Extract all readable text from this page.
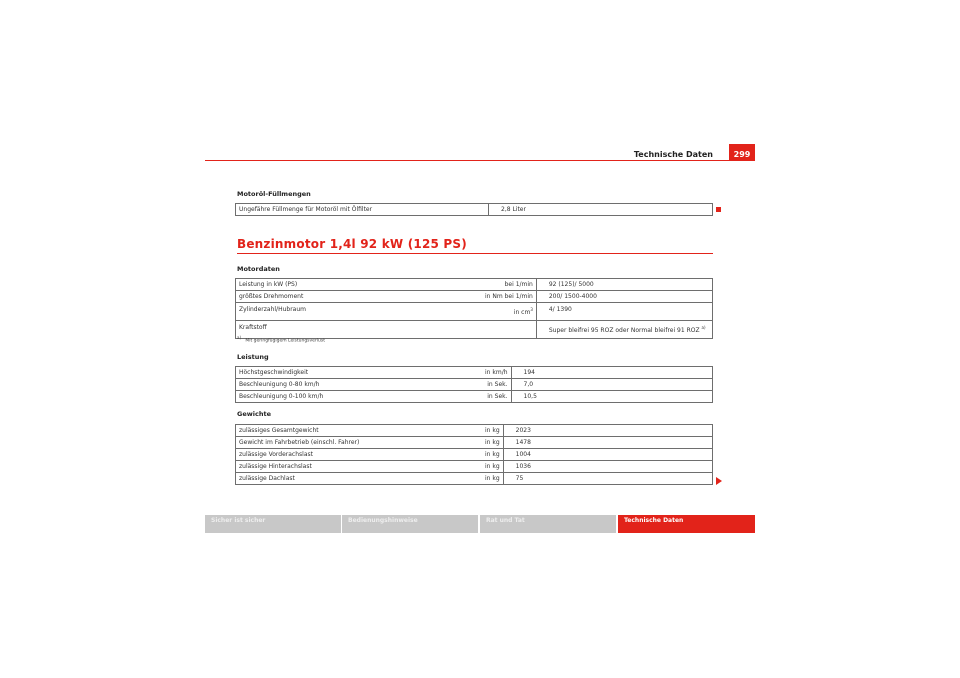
Technische Daten	299
Motoröl-Füllmengen
Ungefähre Füllmenge für Motoröl mit Ölfilter		2,8 Liter
Benzinmotor 1,4l 92 kW (125 PS)
Motordaten
Leistung in kW (PS)	bei 1/min	92 (125)/ 5000
größtes Drehmoment	in Nm bei 1/min	200/ 1500-4000
Zylinderzahl/Hubraum	in $cm^3$	4/ 1390
Kraftstoff		Super bleifrei 95 ROZ oder Normal bleifrei 91 ROZ $^{a)}$
$^{a)}$   Mit geringfügigem Leistungsverlust
Leistung
Höchstgeschwindigkeit	in km/h	194
Beschleunigung 0-80 km/h	in Sek.	7,0
Beschleunigung 0-100 km/h	in Sek.	10,5
Gewichte
zulässiges Gesamtgewicht	in kg	2023
Gewicht im Fahrbetrieb (einschl. Fahrer)	in kg	1478
zulässige Vorderachslast	in kg	1004
zulässige Hinterachslast	in kg	1036
zulässige Dachlast	in kg	75
Sicher ist sicher	Bedienungshinweise	Rat und Tat	Technische Daten
